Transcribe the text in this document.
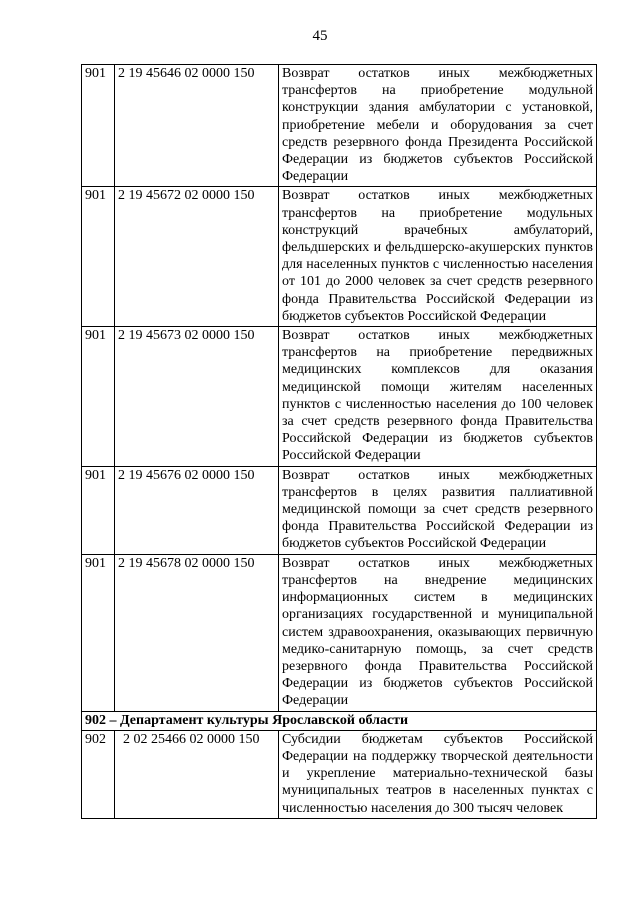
45
901	2 19 45646 02 0000 150	Возврат остатков иных межбюджетных трансфертов на приобретение модульной конструкции здания амбулатории с установкой, приобретение мебели и оборудования за счет средств резервного фонда Президента Российской Федерации из бюджетов субъектов Российской Федерации
901	2 19 45672 02 0000 150	Возврат остатков иных межбюджетных трансфертов на приобретение модульных конструкций врачебных амбулаторий, фельдшерских и фельдшерско-акушерских пунктов для населенных пунктов с численностью населения от 101 до 2000 человек за счет средств резервного фонда Правительства Российской Федерации из бюджетов субъектов Российской Федерации
901	2 19 45673 02 0000 150	Возврат остатков иных межбюджетных трансфертов на приобретение передвижных медицинских комплексов для оказания медицинской помощи жителям населенных пунктов с численностью населения до 100 человек за счет средств резервного фонда Правительства Российской Федерации из бюджетов субъектов Российской Федерации
901	2 19 45676 02 0000 150	Возврат остатков иных межбюджетных трансфертов в целях развития паллиативной медицинской помощи за счет средств резервного фонда Правительства Российской Федерации из бюджетов субъектов Российской Федерации
901	2 19 45678 02 0000 150	Возврат остатков иных межбюджетных трансфертов на внедрение медицинских информационных систем в медицинских организациях государственной и муниципальной систем здравоохранения, оказывающих первичную медико-санитарную помощь, за счет средств резервного фонда Правительства Российской Федерации из бюджетов субъектов Российской Федерации
902 – Департамент культуры Ярославской области		
902	2 02 25466 02 0000 150	Субсидии бюджетам субъектов Российской Федерации на поддержку творческой деятельности и укрепление материально-технической базы муниципальных театров в населенных пунктах с численностью населения до 300 тысяч человек
